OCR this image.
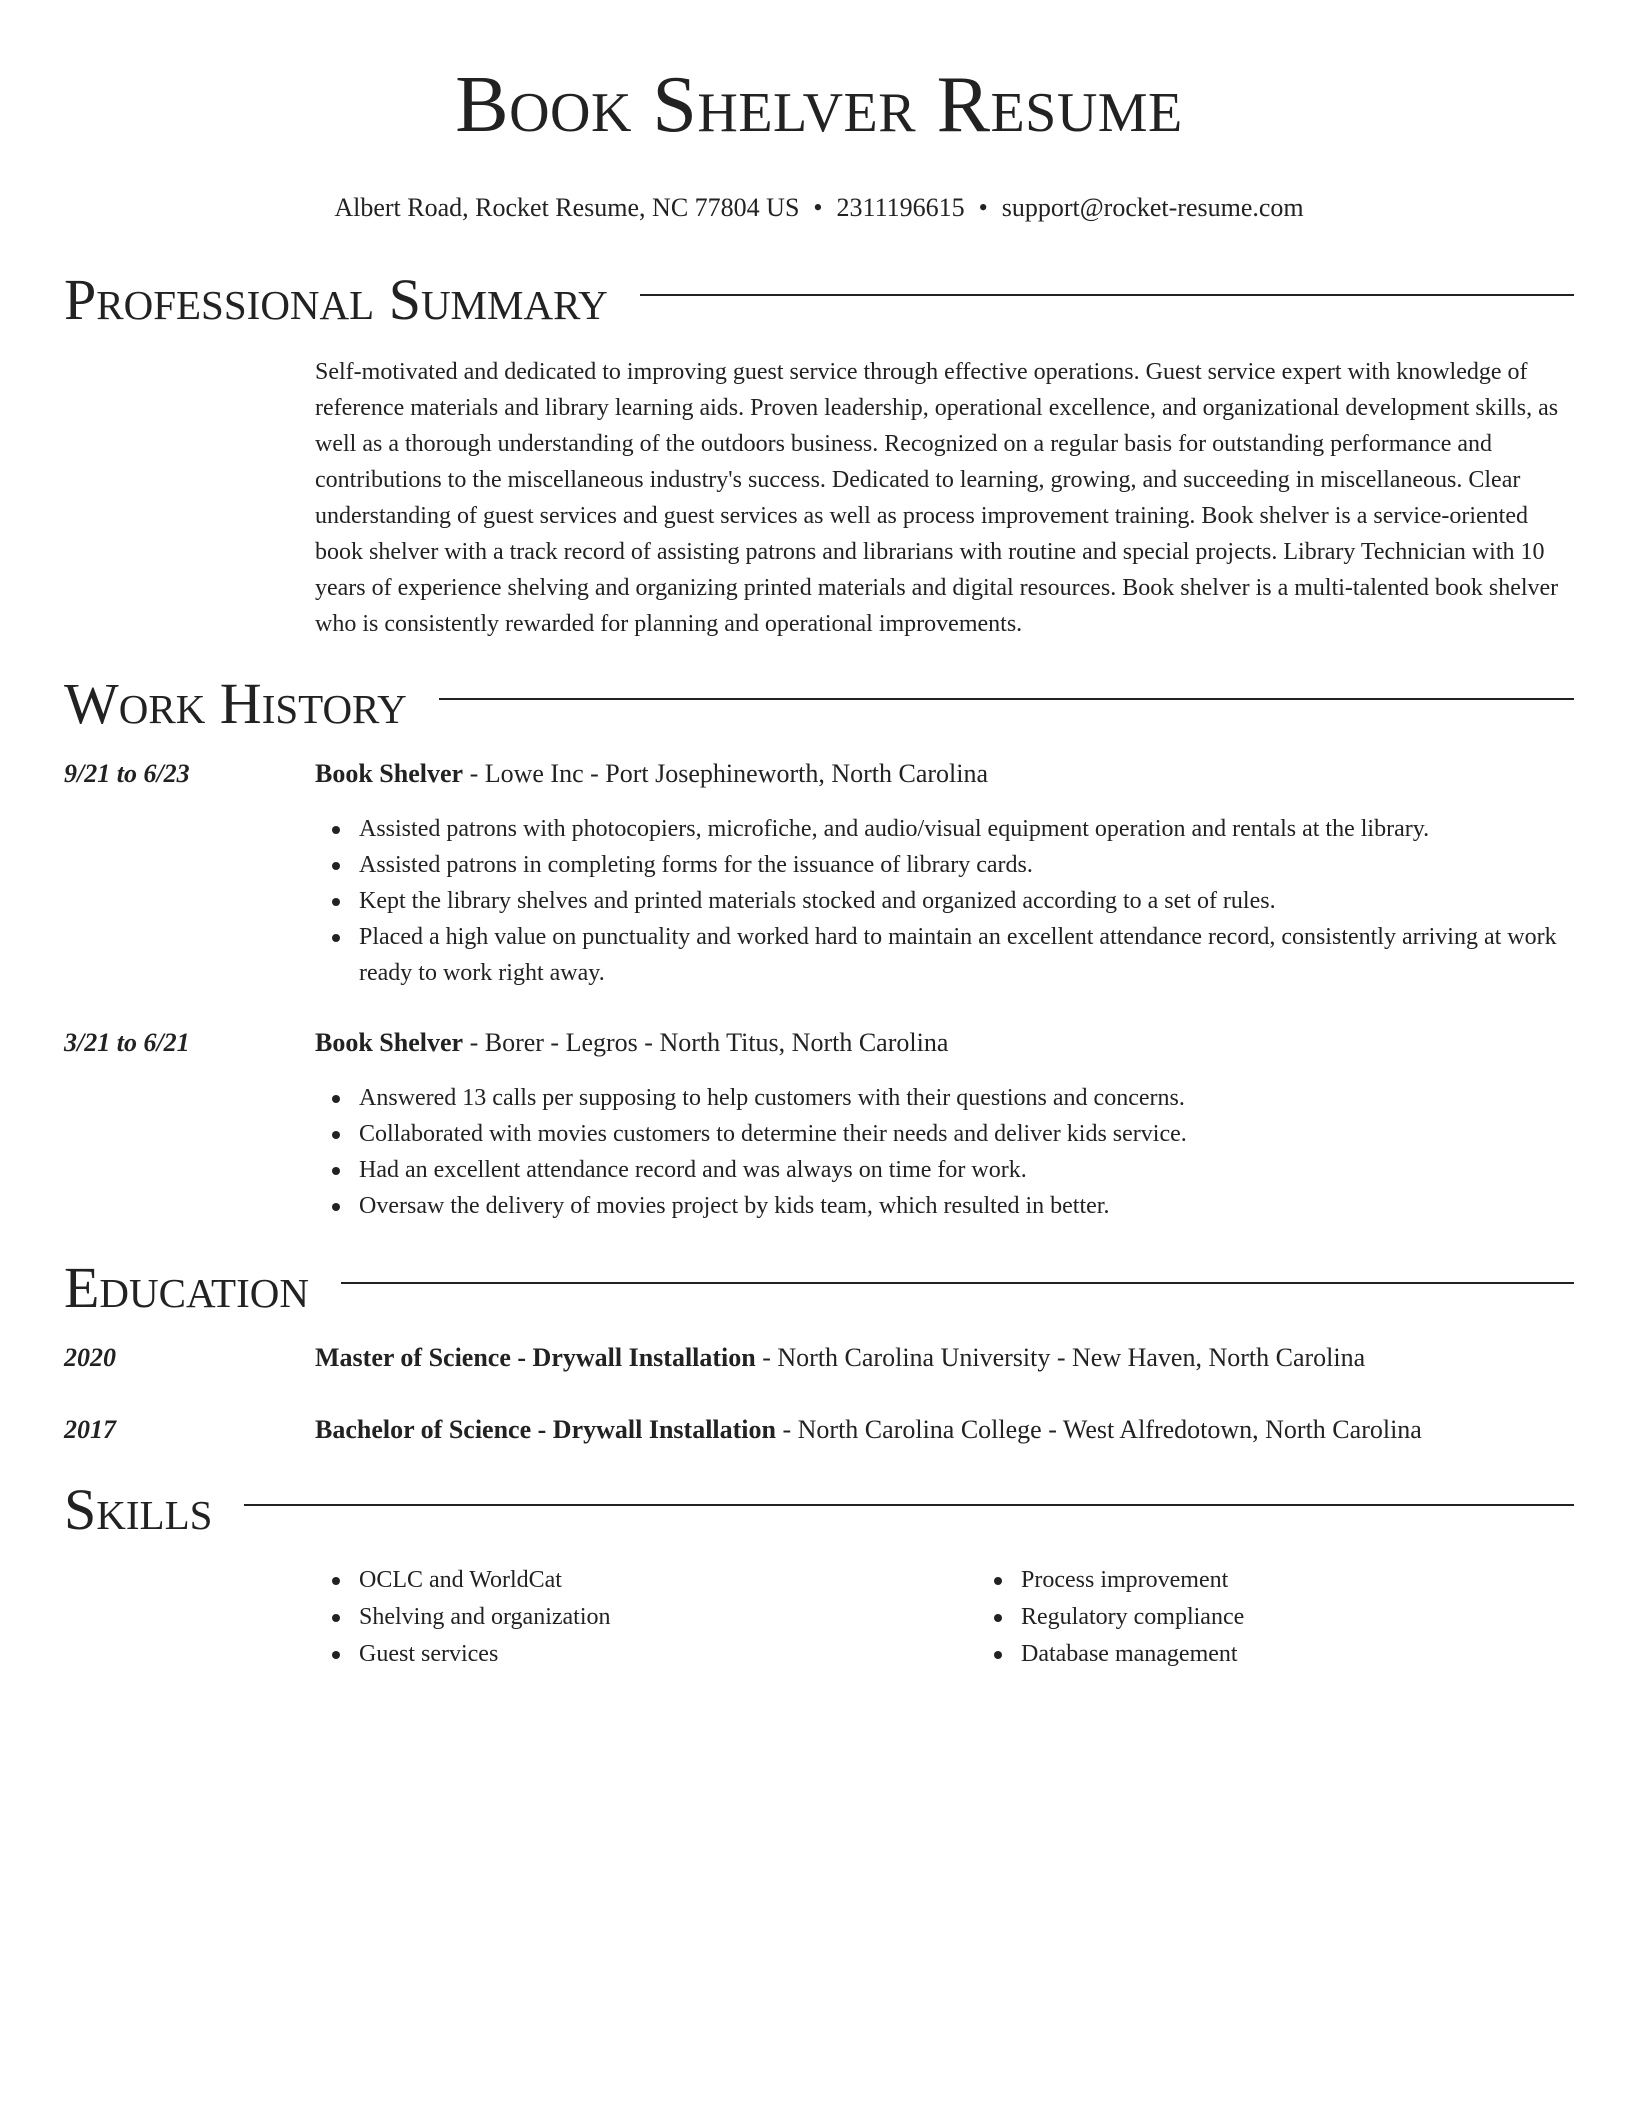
Book Shelver Resume
Albert Road, Rocket Resume, NC 77804 US • 2311196615 • support@rocket-resume.com
Professional Summary

Self-motivated and dedicated to improving guest service through effective operations. Guest service expert with knowledge of reference materials and library learning aids. Proven leadership, operational excellence, and organizational development skills, as well as a thorough understanding of the outdoors business. Recognized on a regular basis for outstanding performance and contributions to the miscellaneous industry's success. Dedicated to learning, growing, and succeeding in miscellaneous. Clear understanding of guest services and guest services as well as process improvement training. Book shelver is a service-oriented book shelver with a track record of assisting patrons and librarians with routine and special projects. Library Technician with 10 years of experience shelving and organizing printed materials and digital resources. Book shelver is a multi-talented book shelver who is consistently rewarded for planning and operational improvements.

Work History
9/21 to 6/23	Book Shelver - Lowe Inc - Port Josephineworth, North Carolina
Assisted patrons with photocopiers, microfiche, and audio/visual equipment operation and rentals at the library.
Assisted patrons in completing forms for the issuance of library cards.
Kept the library shelves and printed materials stocked and organized according to a set of rules.
Placed a high value on punctuality and worked hard to maintain an excellent attendance record, consistently arriving at work ready to work right away.
3/21 to 6/21	Book Shelver - Borer - Legros - North Titus, North Carolina
Answered 13 calls per supposing to help customers with their questions and concerns.
Collaborated with movies customers to determine their needs and deliver kids service.
Had an excellent attendance record and was always on time for work.
Oversaw the delivery of movies project by kids team, which resulted in better.
Education
2020	Master of Science - Drywall Installation - North Carolina University - New Haven, North Carolina
2017	Bachelor of Science - Drywall Installation - North Carolina College - West Alfredotown, North Carolina
Skills
OCLC and WorldCat
Shelving and organization
Guest services
Process improvement
Regulatory compliance
Database management
